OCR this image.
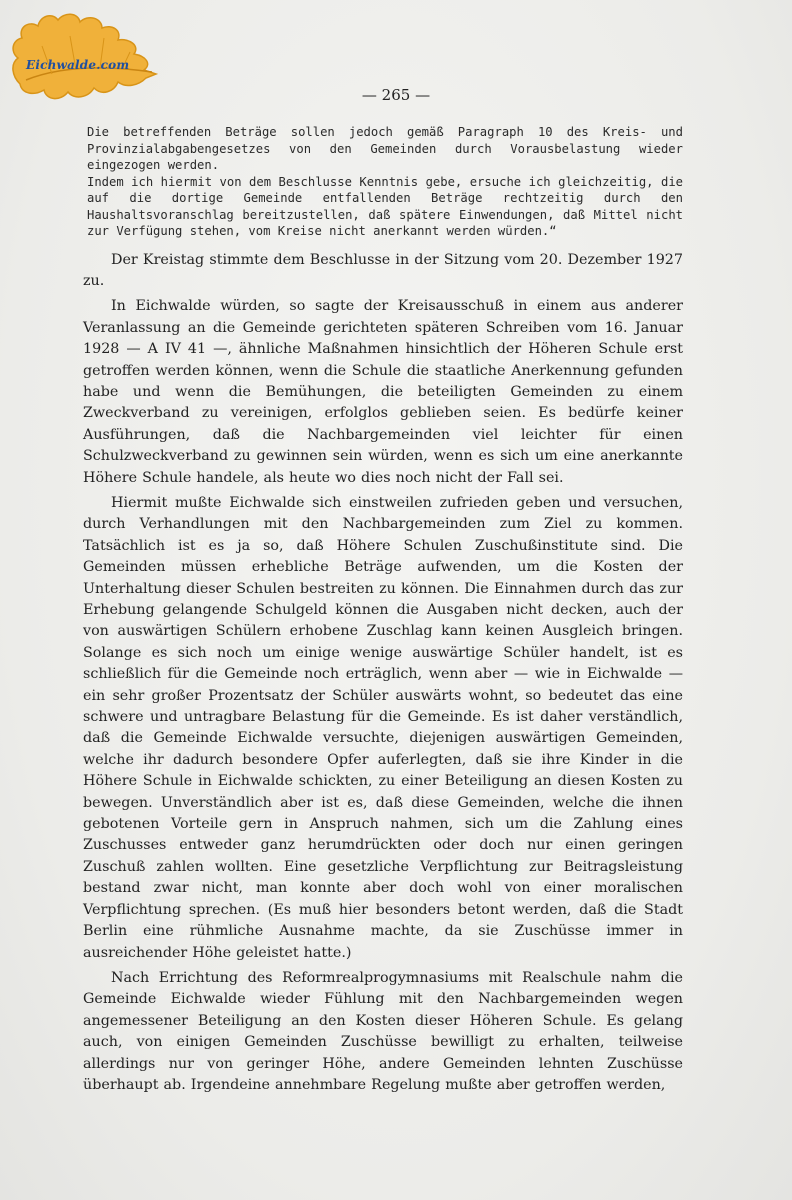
Eichwalde.com
— 265 —

Die betreffenden Beträge sollen jedoch gemäß Paragraph 10 des Kreis- und Provinzialabgabengesetzes von den Gemeinden durch Vorausbelastung wieder eingezogen werden.

Indem ich hiermit von dem Beschlusse Kenntnis gebe, ersuche ich gleichzeitig, die auf die dortige Gemeinde entfallenden Beträge rechtzeitig durch den Haushaltsvoranschlag bereitzustellen, daß spätere Einwendungen, daß Mittel nicht zur Verfügung stehen, vom Kreise nicht anerkannt werden würden.“

Der Kreistag stimmte dem Beschlusse in der Sitzung vom 20. Dezember 1927 zu.

In Eichwalde würden, so sagte der Kreisausschuß in einem aus anderer Veranlassung an die Gemeinde gerichteten späteren Schreiben vom 16. Januar 1928 — A IV 41 —, ähnliche Maßnahmen hinsichtlich der Höheren Schule erst getroffen werden können, wenn die Schule die staatliche Anerkennung gefunden habe und wenn die Bemühungen, die beteiligten Gemeinden zu einem Zweckverband zu vereinigen, erfolglos geblieben seien. Es bedürfe keiner Ausführungen, daß die Nachbargemeinden viel leichter für einen Schulzweckverband zu gewinnen sein würden, wenn es sich um eine anerkannte Höhere Schule handele, als heute wo dies noch nicht der Fall sei.

Hiermit mußte Eichwalde sich einstweilen zufrieden geben und versuchen, durch Verhandlungen mit den Nachbargemeinden zum Ziel zu kommen. Tatsächlich ist es ja so, daß Höhere Schulen Zuschußinstitute sind. Die Gemeinden müssen erhebliche Beträge aufwenden, um die Kosten der Unterhaltung dieser Schulen bestreiten zu können. Die Einnahmen durch das zur Erhebung gelangende Schulgeld können die Ausgaben nicht decken, auch der von auswärtigen Schülern erhobene Zuschlag kann keinen Ausgleich bringen. Solange es sich noch um einige wenige auswärtige Schüler handelt, ist es schließlich für die Gemeinde noch erträglich, wenn aber — wie in Eichwalde — ein sehr großer Prozentsatz der Schüler auswärts wohnt, so bedeutet das eine schwere und untragbare Belastung für die Gemeinde. Es ist daher verständlich, daß die Gemeinde Eichwalde versuchte, diejenigen auswärtigen Gemeinden, welche ihr dadurch besondere Opfer auferlegten, daß sie ihre Kinder in die Höhere Schule in Eichwalde schickten, zu einer Beteiligung an diesen Kosten zu bewegen. Unverständlich aber ist es, daß diese Gemeinden, welche die ihnen gebotenen Vorteile gern in Anspruch nahmen, sich um die Zahlung eines Zuschusses entweder ganz herumdrückten oder doch nur einen geringen Zuschuß zahlen wollten. Eine gesetzliche Verpflichtung zur Beitragsleistung bestand zwar nicht, man konnte aber doch wohl von einer moralischen Verpflichtung sprechen. (Es muß hier besonders betont werden, daß die Stadt Berlin eine rühmliche Ausnahme machte, da sie Zuschüsse immer in ausreichender Höhe geleistet hatte.)

Nach Errichtung des Reformrealprogymnasiums mit Realschule nahm die Gemeinde Eichwalde wieder Fühlung mit den Nachbargemeinden wegen angemessener Beteiligung an den Kosten dieser Höheren Schule. Es gelang auch, von einigen Gemeinden Zuschüsse bewilligt zu erhalten, teilweise allerdings nur von geringer Höhe, andere Gemeinden lehnten Zuschüsse überhaupt ab. Irgendeine annehmbare Regelung mußte aber getroffen werden,
